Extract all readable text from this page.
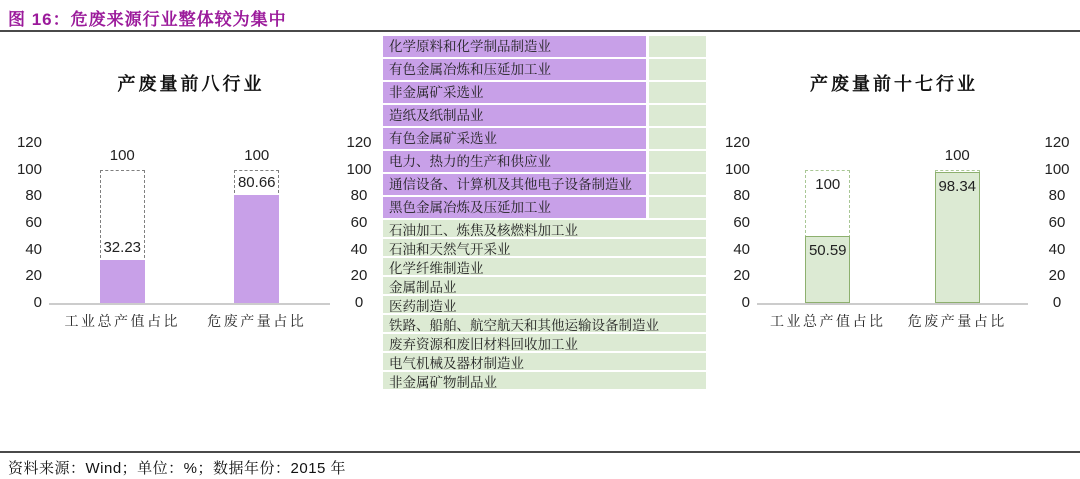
图 16：危废来源行业整体较为集中
产废量前八行业
0	0
20	20
40	40
60	60
80	80
100	100
120	120
100
32.23
工业总产值占比
100
80.66
危废产量占比
化学原料和化学制品制造业
有色金属冶炼和压延加工业
非金属矿采选业
造纸及纸制品业
有色金属矿采选业
电力、热力的生产和供应业
通信设备、计算机及其他电子设备制造业
黑色金属冶炼及压延加工业
石油加工、炼焦及核燃料加工业
石油和天然气开采业
化学纤维制造业
金属制品业
医药制造业
铁路、船舶、航空航天和其他运输设备制造业
废弃资源和废旧材料回收加工业
电气机械及器材制造业
非金属矿物制品业
产废量前十七行业
0	0
20	20
40	40
60	60
80	80
100	100
120	120
100
50.59
工业总产值占比
100
98.34
危废产量占比
资料来源：Wind；单位：%；数据年份：2015 年
